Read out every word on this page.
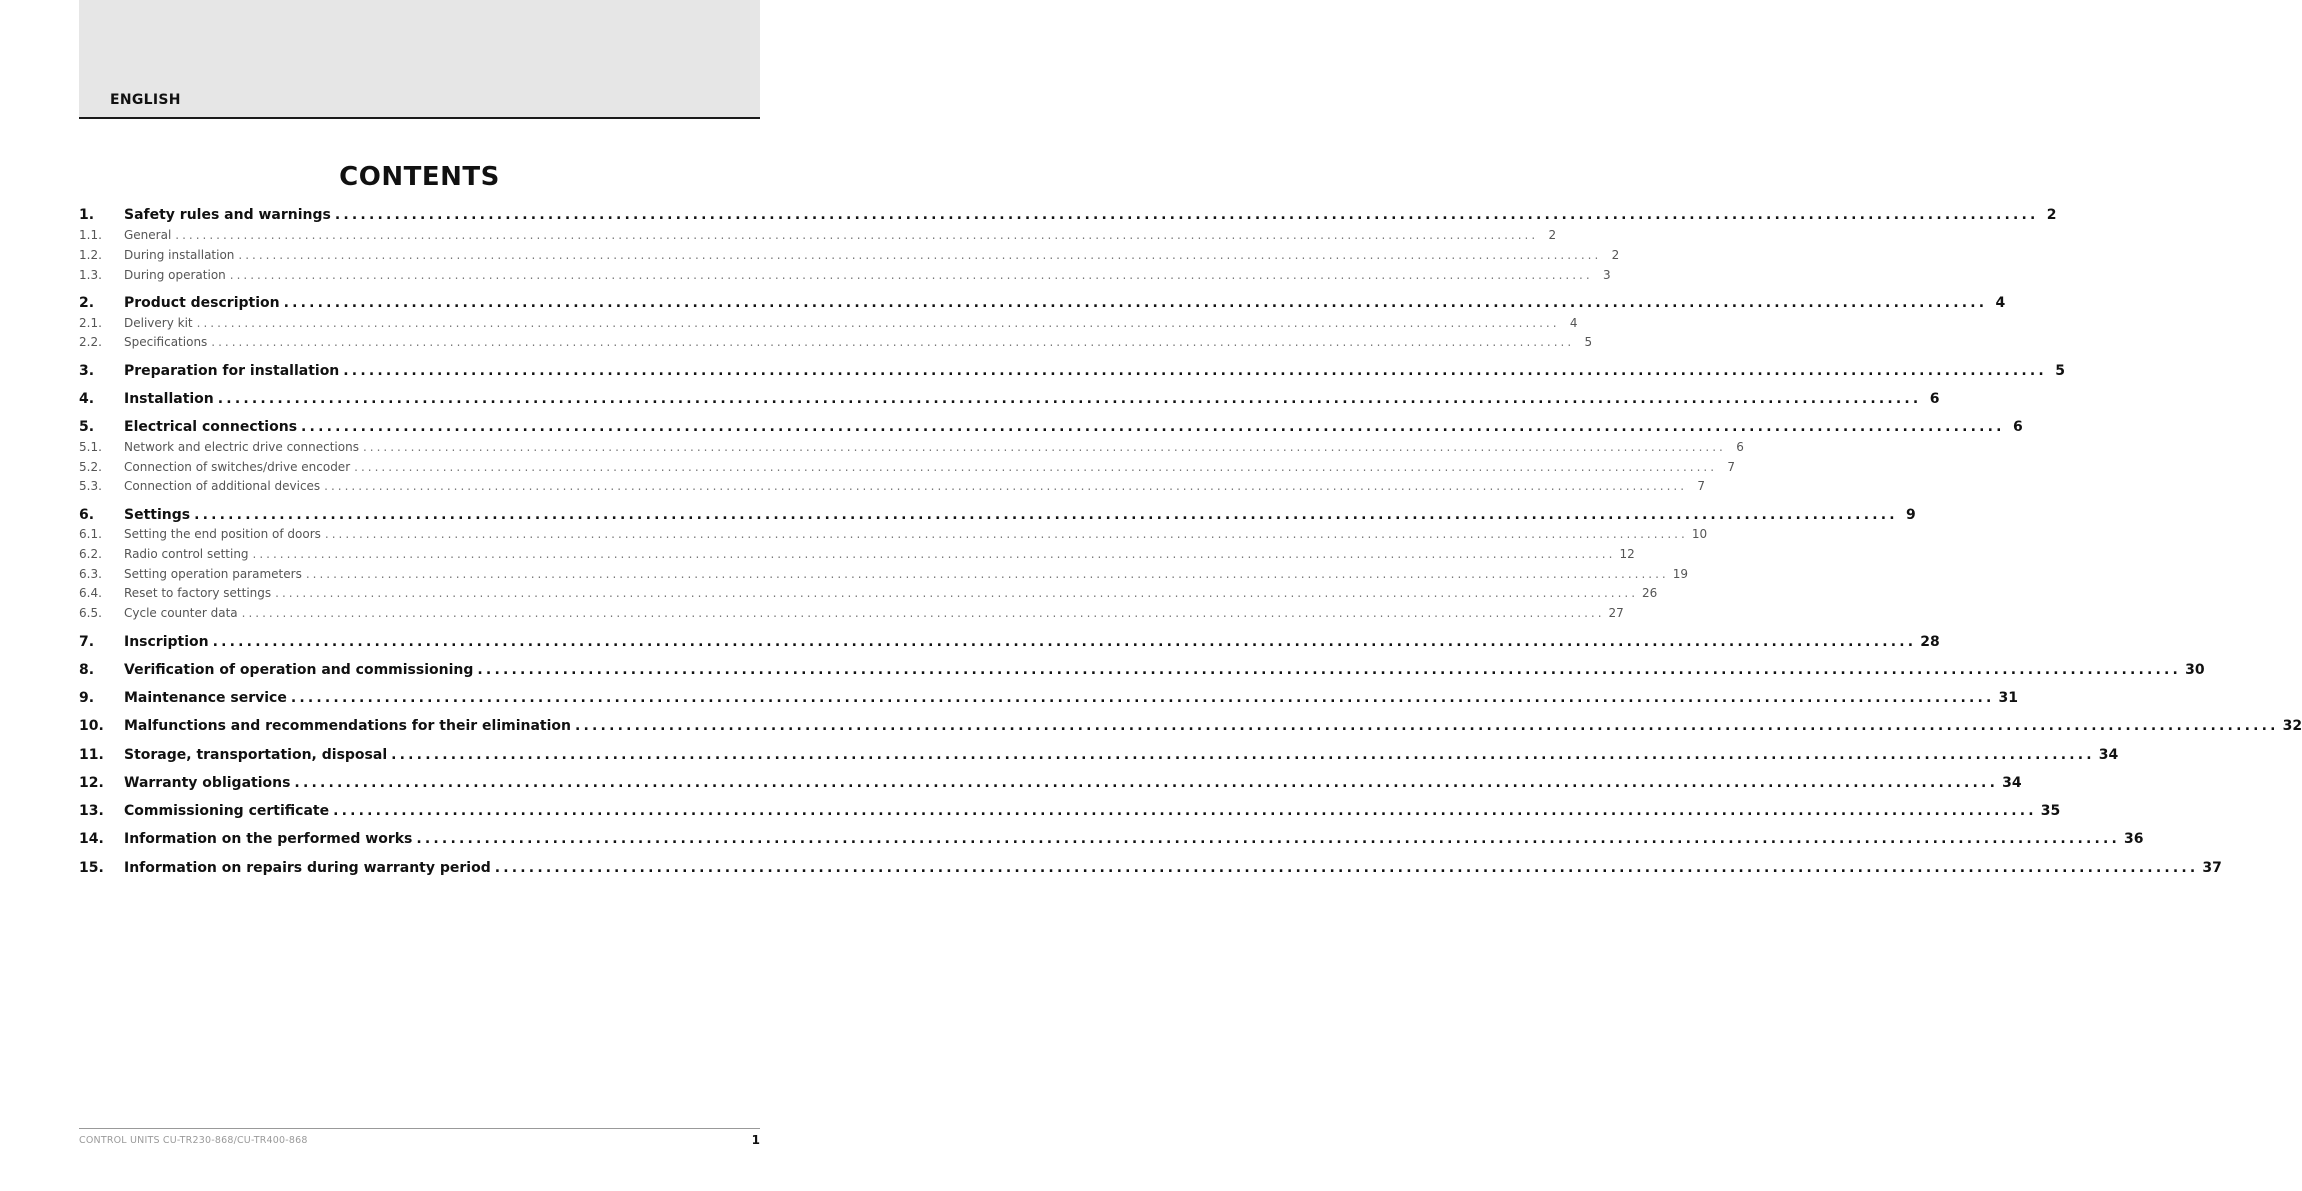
ENGLISH
CONTENTS
1.	Safety rules and warnings ........................................................................................................................................................................................................ 2
1.1.	General ........................................................................................................................................................................................................ 2
1.2.	During installation ........................................................................................................................................................................................................ 2
1.3.	During operation ........................................................................................................................................................................................................ 3
2.	Product description ........................................................................................................................................................................................................ 4
2.1.	Delivery kit ........................................................................................................................................................................................................ 4
2.2.	Specifications ........................................................................................................................................................................................................ 5
3.	Preparation for installation ........................................................................................................................................................................................................ 5
4.	Installation ........................................................................................................................................................................................................ 6
5.	Electrical connections ........................................................................................................................................................................................................ 6
5.1.	Network and electric drive connections ........................................................................................................................................................................................................ 6
5.2.	Connection of switches/drive encoder ........................................................................................................................................................................................................ 7
5.3.	Connection of additional devices ........................................................................................................................................................................................................ 7
6.	Settings ........................................................................................................................................................................................................ 9
6.1.	Setting the end position of doors ........................................................................................................................................................................................................ 10
6.2.	Radio control setting ........................................................................................................................................................................................................ 12
6.3.	Setting operation parameters ........................................................................................................................................................................................................ 19
6.4.	Reset to factory settings ........................................................................................................................................................................................................ 26
6.5.	Cycle counter data ........................................................................................................................................................................................................ 27
7.	Inscription ........................................................................................................................................................................................................ 28
8.	Verification of operation and commissioning ........................................................................................................................................................................................................ 30
9.	Maintenance service ........................................................................................................................................................................................................ 31
10.	Malfunctions and recommendations for their elimination ........................................................................................................................................................................................................ 32
11.	Storage, transportation, disposal ........................................................................................................................................................................................................ 34
12.	Warranty obligations ........................................................................................................................................................................................................ 34
13.	Commissioning certificate ........................................................................................................................................................................................................ 35
14.	Information on the performed works ........................................................................................................................................................................................................ 36
15.	Information on repairs during warranty period ........................................................................................................................................................................................................ 37
CONTROL UNITS CU-TR230-868/CU-TR400-868	1
